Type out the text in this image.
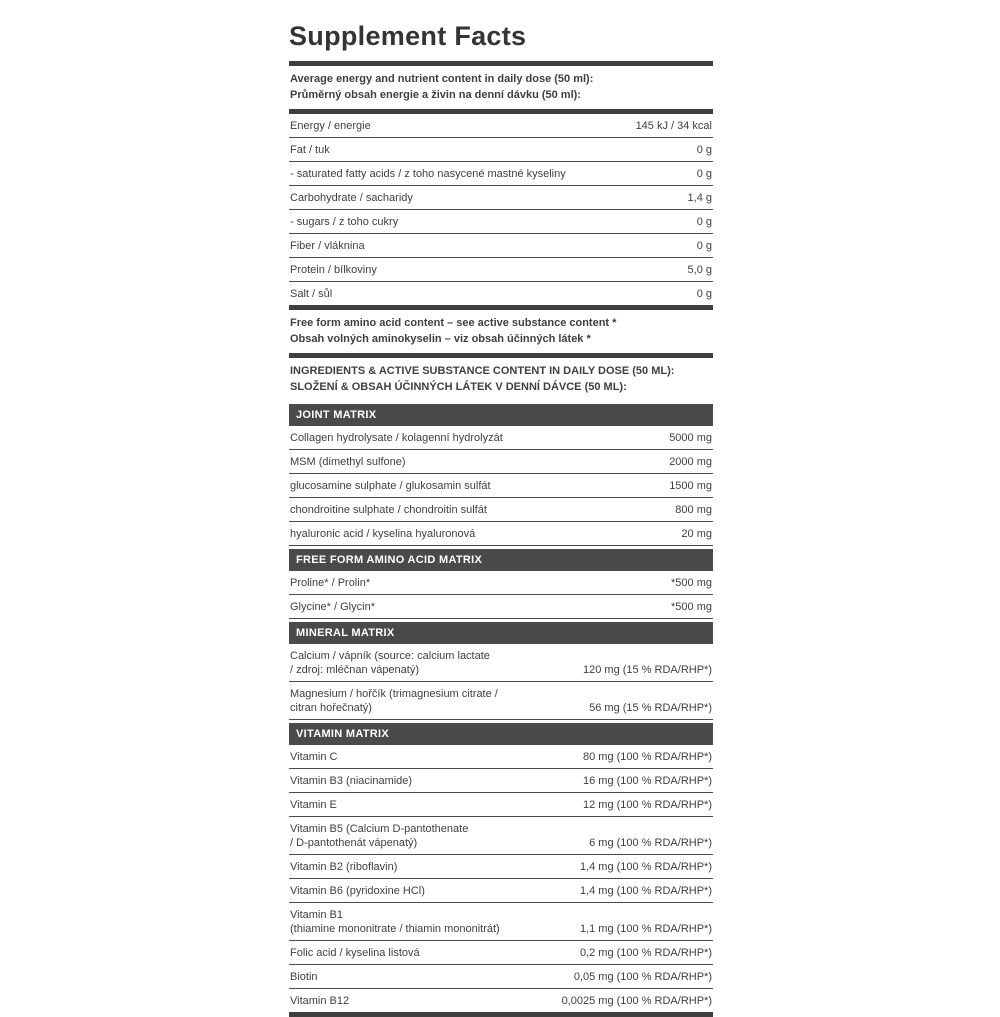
Supplement Facts
Average energy and nutrient content in daily dose (50 ml):
Průměrný obsah energie a živin na denní dávku (50 ml):
Energy / energie	145 kJ / 34 kcal
Fat / tuk	0 g
- saturated fatty acids / z toho nasycené mastné kyseliny	0 g
Carbohydrate / sacharidy	1,4 g
- sugars / z toho cukry	0 g
Fiber / vláknina	0 g
Protein / bílkoviny	5,0 g
Salt / sůl	0 g
Free form amino acid content – see active substance content *
Obsah volných aminokyselin – viz obsah účinných látek *
INGREDIENTS & ACTIVE SUBSTANCE CONTENT IN DAILY DOSE (50 ML):
SLOŽENÍ & OBSAH ÚČINNÝCH LÁTEK V DENNÍ DÁVCE (50 ML):
JOINT MATRIX
Collagen hydrolysate / kolagenní hydrolyzát	5000 mg
MSM (dimethyl sulfone)	2000 mg
glucosamine sulphate / glukosamin sulfát	1500 mg
chondroitine sulphate / chondroitin sulfát	800 mg
hyaluronic acid / kyselina hyaluronová	20 mg
FREE FORM AMINO ACID MATRIX
Proline* / Prolin*	*500 mg
Glycine* / Glycin*	*500 mg
MINERAL MATRIX
Calcium / vápník (source: calcium lactate
/ zdroj: mléčnan vápenatý)	120 mg (15 % RDA/RHP*)
Magnesium / hořčík (trimagnesium citrate /
citran hořečnatý)	56 mg (15 % RDA/RHP*)
VITAMIN MATRIX
Vitamin C	80 mg (100 % RDA/RHP*)
Vitamin B3 (niacinamide)	16 mg (100 % RDA/RHP*)
Vitamin E	12 mg (100 % RDA/RHP*)
Vitamin B5 (Calcium D-pantothenate
/ D-pantothenát vápenatý)	6 mg (100 % RDA/RHP*)
Vitamin B2 (riboflavin)	1,4 mg (100 % RDA/RHP*)
Vitamin B6 (pyridoxine HCl)	1,4 mg (100 % RDA/RHP*)
Vitamin B1
(thiamine mononitrate / thiamin mononitrát)	1,1 mg (100 % RDA/RHP*)
Folic acid / kyselina listová	0,2 mg (100 % RDA/RHP*)
Biotin	0,05 mg (100 % RDA/RHP*)
Vitamin B12	0,0025 mg (100 % RDA/RHP*)
